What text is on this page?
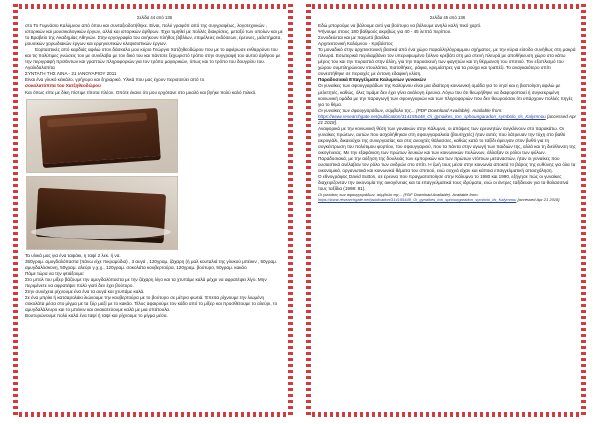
Σελίδα 44 από 138

στο Το Γυμνάσιο Καλύμνου από όπου και συνταξιοδοτήθηκε. Είναι, πολύ γραφόπ από της συγγραφέως, λογοτεχνικών , ιστορικών και μουσικολογικών έργων, αλλά και ιστορικών άρθρων. Έχει τιμηθεί με πολλές διακρίσεις, μεταξύ των οποίων και με το Βραβείο της Ακαδημίας Αθηνών. Στην εργογραφία του ανήκουν πλήθος βιβλίων, επιμέλειες εκδόσεων, έρευνες, μελετήματα, μουσικών χορωδιακών έργων και ερμηνευτικών κλεψισιστικών έργων.

Εορταστικές από καρδιάς αφιλώ στον δάσκαλο μου κύριο Γεώργιο Χατζηθεοδώρου που με το αφιέρωσε ενθαρρύνει του και τις πολύτιμες γνώσεις του με συνέλαβα με τον δικό του και πάντοτε ξεχωριστό τρόπο στην συγγραφή του αυτού άρθρου με την περιγραφή προϊόντων και γραπτών πληροφοριών για τον τρόπο μαγειρικών, όπως και το τρόπο του δουγρίου του.

Αγαλιδαλοπίτα

ΣΥΝΤΑΓΗ ΤΗΣ ΛΙΝΑ - 21 ΙΑΝΟΥΑΡΙΟΥ 2011

Είναι ένα γλυκό κέικάλο, γρήγορο και ξηριαρικό. Υλικά που μας έχουν περισσεύει από το

σοκολατόπιτα του Χατζηθεοδώρου

Και όπως είπε με δίκη πίστιμε τίποτα πλέον. Οπότε έκανε ότι μου ερχότανε στο μυαλό και βγήκε πολύ καλό πιλικό.

Τα υλικά μας για ένα ταψάκι, η ταψί 2 λεκ. ή να.

350γραμ. αμυγδαλόπαστα (πάνω είχε πικραμύδια) , 3 αυγά , 120γραμ. ζάχαρη (ή μαλ κουταλιά της γλυκού μπέικιν , 50γραμ. αμυγδαλόσκονη, 50γραμ. αλεύρι γ.χ.χ., 120γραμ. σοκολάτα κουβερτούρα, 120γραμ. βούτυρο, 50γραμ. κακάο

Πάμε τώρα να την φτιάξουμε:

Στο μπολ του μίξερ βάζουμε την αμυγδαλόπαστα με την ζάχαρη λίγο και τα χτυπάμε καλά μέχρι να αφρατέψει λίγο. Μην περιμένετε να αφρατέψει πολύ γιατί δεν έχει βούτυρο.

Στην συνέχεια ρίχνουμε ένα ένα τα αυγά και χτυπάμε καλά.

Σε ένα μπρίκι ή κατσαρολάκι λιώνουμε την κουβερτούρα με το βούτυρο σε μέτριο φωτιά. Έπειτα ρίχνουμε την λιωμένη σοκολάτα μέσα στο μίγμα με τα ξύρ μαζί με το κακάο. Τέλος αφαιρούμε τον κάδο από το μίξερ και προσθέτουμε το αλεύρι, το αμυγδαλάλευρο και το μπέικιν και ανακατεύουμε καλά με μια σπάτουλα.

Βουτυρώνουμε πολύ καλά ένα ταψί ή ταψί και ρίχνουμε το μίγμα μέσα.

Σελίδα 45 από 138

Εδώ μπορούμε να βάλουμε αντί για βούτυρο να βάλουμε ανηλύ καλή πικό χαρτί.

Ψήνουμε στους 180 βαθμούς ακριβώς για 40 - 45 λεπτά περίπου.

Συνοδεύεται και με παγωτό βανίλια.

Αρχιτεκτονική Καλύμνου - Κριβάστος

Το μοναδικό στην αρχιτεκτονική βασικά από ένα χώρο παραλληλόγραμμου σχήματος, με την κύρια είσοδο συνήθως στη μακρά πλευρά. Εσωτερικά περιλαμβάνει τον υπερυψωμένο ξύλινο κρεβάτι στη μια στενή πλευρά με αποθήκευση χώρο στο κάτω μέρος του και την πυραστιά στην άλλη, για την παρασκευή των φαγητών και τη θέρμανση του σπιτιού. Τον εξοπλισμό του χώρου συμπληρώνουν ντουλάπια, πιατοθήκες, ράφια, κρεμάστρες για τα ρούχα και τραπέζι. Το αναγκαιότερο σπίτι συνεστήθηκε σε περιοχές με έντονη εδαφική κλίση.

Παραδοσιακά Επαγγέλματα Καλυμνίων γυναικών

Οι γυναίκες των σφουγγαράδων της Καλύμνου είναι μια ιδιαίτερη κοινωνική ομάδα για το νησί και η βιοποίηση αφιλώ με μελετητές, καθώς, όλες τιμάμε δεν έχει γίνει ανάλογη έρευνα. Λόγω του ότι θεωρήθηκε να διαφοροποιεί ή συγκεκριμένη κοινωνική ομάδα με την παραγωγή των σφουγγαριών και των πληροφοριών που δεν θεωρούσαν ότι υπάρχουν πολλές πηγές για το θέμα.

Οι γυναίκες των σφουγγαράδων, σύμβολο της... (PDF Download Available). Available from: https://www.researchgate.net/publication/314155448_Oi_gynaikes_ton_sphoungaradon_symbolo_tis_Kalymnou [accessed Apr 21 2018].

Αναφορικά με την κοινωνική θέση των γυναικών στην Κάλυμνο, οι απόψεις των ερευνητών συγκλίνουν στο παρακάτω. Οι γυναίκες πρώτων, αυτών που ασχολήθηκαν στη σφουγγαραλιεία (βουτηχτές) ήταν αυτές που λάτρευαν την τύχη στο βαθύ ακρογιάλι, δικαιούχοι της συνεργασίας και στις ανοιχτές θάλασσες, καθώς κατά το ταξίδι έφευγαν στον βυθό για τη συγκέντρωση του πολύτιμου φορτίου, του σφουγγαριού, που τα πάντα στην αγωγή των παιδιών της, αλλά και τη διεύθυνση της οικογένειας. Με την εξαφάνιση των πρώτων λευκών και των κοινωνικών πυλώνων, άλλαξαν οι ρόλοι των φύλων.

Παραδοσιακά, με την αύξηση της δουλειάς των εμπορικών και των πρώτων ντόπιων μεταναστών, ήταν οι γυναίκες που ουσιαστικά ανέλαβαν τον ρόλο των ανδρών στο σπίτι. Η ζωή τους μέσα στην κοινωνία αποκτά το βάρος της ευθύνης για όλα τα οικονομικά, οργανωτικά και κοινωνικά θέματα του σπιτιού, ενώ συχνά είχαν και κάποια επαγγελματική απασχόληση.

Ο εθνογράφος David Sutton, σε έρευνα που πραγματοποίησε στην Κάλυμνο το 1980 και 1990, εξήγησε πώς οι γυναίκες διαχειρίζονταν την οικονομία της οικογένειας και τα επαγγελματικά τους ιδρύματα, ενώ οι άντρες ταξίδευαν για τα θαλασσινά τους ταξίδια (1998: 81).

Οι γυναίκες των σφουγγαράδων, σύμβολο της... (PDF Download Available). Available from: https://www.researchgate.net/publication/314155448_Oi_gynaikes_ton_sphoungaradon_symbolo_tis_Kalymnou [accessed Apr 21 2018].
